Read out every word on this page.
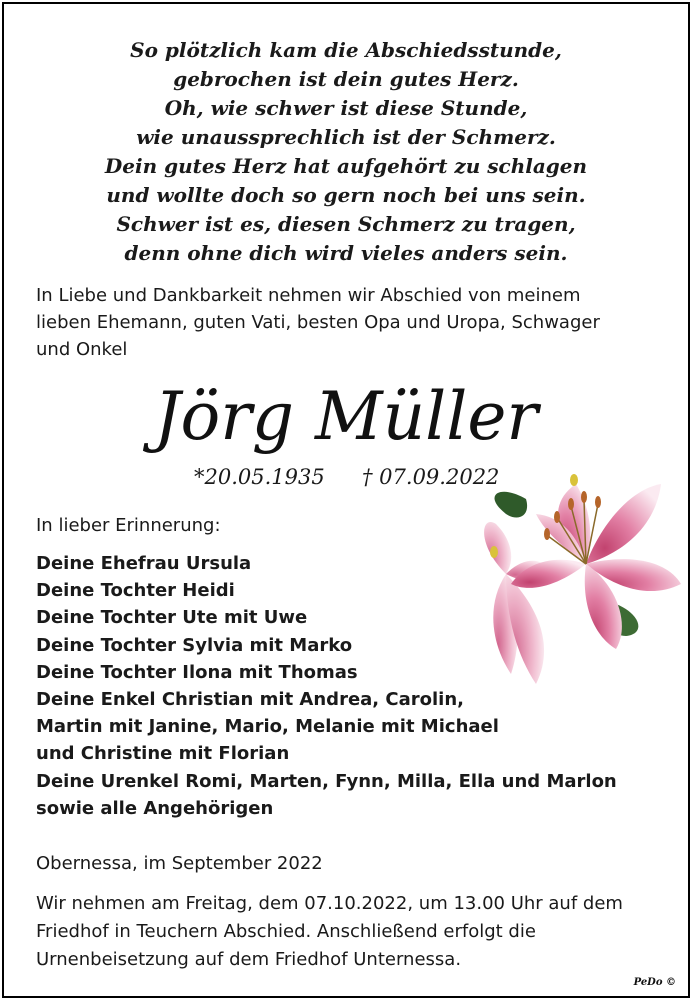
So plötzlich kam die Abschiedsstunde,
gebrochen ist dein gutes Herz.
Oh, wie schwer ist diese Stunde,
wie unaussprechlich ist der Schmerz.
Dein gutes Herz hat aufgehört zu schlagen
und wollte doch so gern noch bei uns sein.
Schwer ist es, diesen Schmerz zu tragen,
denn ohne dich wird vieles anders sein.
In Liebe und Dankbarkeit nehmen wir Abschied von meinem
lieben Ehemann, guten Vati, besten Opa und Uropa, Schwager
und Onkel
Jörg Müller
*20.05.1935 † 07.09.2022
In lieber Erinnerung:
Deine Ehefrau Ursula
Deine Tochter Heidi
Deine Tochter Ute mit Uwe
Deine Tochter Sylvia mit Marko
Deine Tochter Ilona mit Thomas
Deine Enkel Christian mit Andrea, Carolin,
Martin mit Janine, Mario, Melanie mit Michael
und Christine mit Florian
Deine Urenkel Romi, Marten, Fynn, Milla, Ella und Marlon
sowie alle Angehörigen
Obernessa, im September 2022
Wir nehmen am Freitag, dem 07.10.2022, um 13.00 Uhr auf dem
Friedhof in Teuchern Abschied. Anschließend erfolgt die
Urnenbeisetzung auf dem Friedhof Unternessa.
PeDo ©
